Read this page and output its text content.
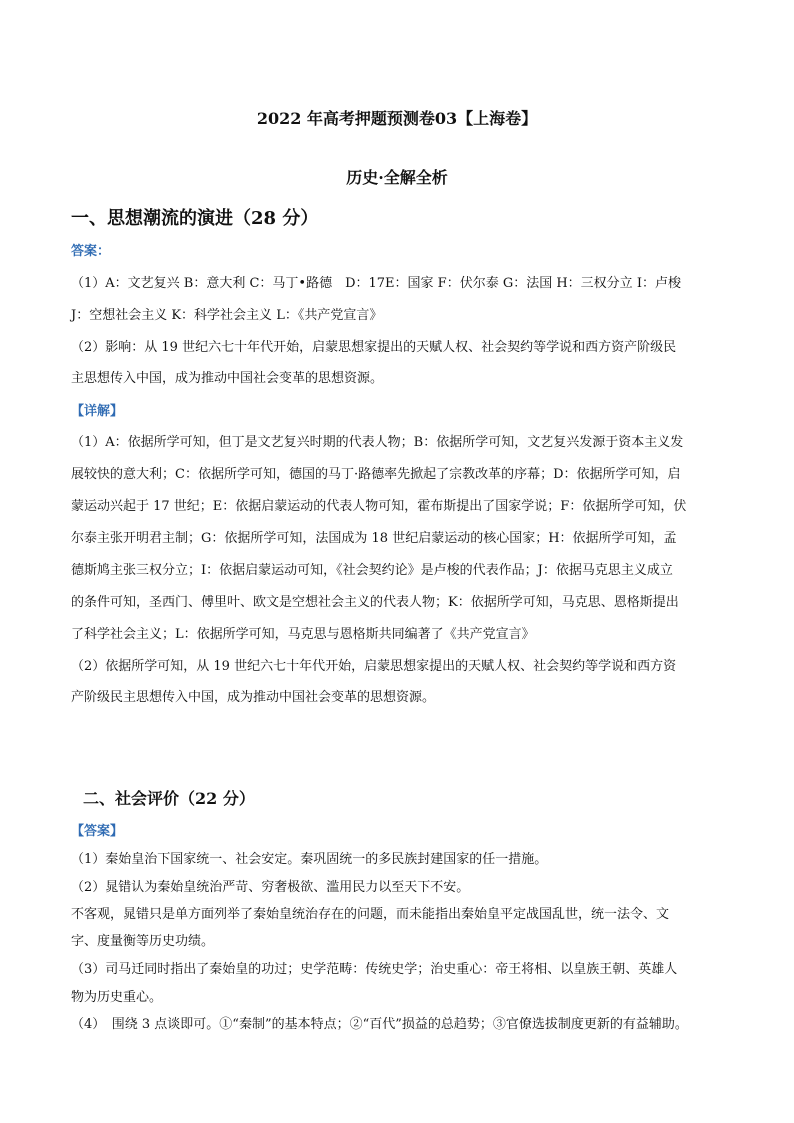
2022 年高考押题预测卷03【上海卷】
历史·全解全析
一、思想潮流的演进（28 分）
答案：
（1）A：文艺复兴 B：意大利 C：马丁•路德　D：17E：国家 F：伏尔泰 G：法国 H：三权分立 I：卢梭
J：空想社会主义 K：科学社会主义 L：《共产党宣言》
（2）影响：从 19 世纪六七十年代开始，启蒙思想家提出的天赋人权、社会契约等学说和西方资产阶级民
主思想传入中国，成为推动中国社会变革的思想资源。
【详解】
（1）A：依据所学可知，但丁是文艺复兴时期的代表人物；B：依据所学可知，文艺复兴发源于资本主义发
展较快的意大利；C：依据所学可知，德国的马丁·路德率先掀起了宗教改革的序幕；D：依据所学可知，启
蒙运动兴起于 17 世纪；E：依据启蒙运动的代表人物可知，霍布斯提出了国家学说；F：依据所学可知，伏
尔泰主张开明君主制；G：依据所学可知，法国成为 18 世纪启蒙运动的核心国家；H：依据所学可知，孟
德斯鸠主张三权分立；I：依据启蒙运动可知，《社会契约论》是卢梭的代表作品；J：依据马克思主义成立
的条件可知，圣西门、傅里叶、欧文是空想社会主义的代表人物；K：依据所学可知，马克思、恩格斯提出
了科学社会主义；L：依据所学可知，马克思与恩格斯共同编著了《共产党宣言》
（2）依据所学可知，从 19 世纪六七十年代开始，启蒙思想家提出的天赋人权、社会契约等学说和西方资
产阶级民主思想传入中国，成为推动中国社会变革的思想资源。
二、社会评价（22 分）
【答案】
（1）秦始皇治下国家统一、社会安定。秦巩固统一的多民族封建国家的任一措施。
（2）晁错认为秦始皇统治严苛、穷奢极欲、滥用民力以至天下不安。
不客观，晁错只是单方面列举了秦始皇统治存在的问题，而未能指出秦始皇平定战国乱世，统一法令、文
字、度量衡等历史功绩。
（3）司马迁同时指出了秦始皇的功过；史学范畴：传统史学；治史重心：帝王将相、以皇族王朝、英雄人
物为历史重心。
（4）　围绕 3 点谈即可。①“秦制”的基本特点；②“百代”损益的总趋势；③官僚选拔制度更新的有益辅助。
